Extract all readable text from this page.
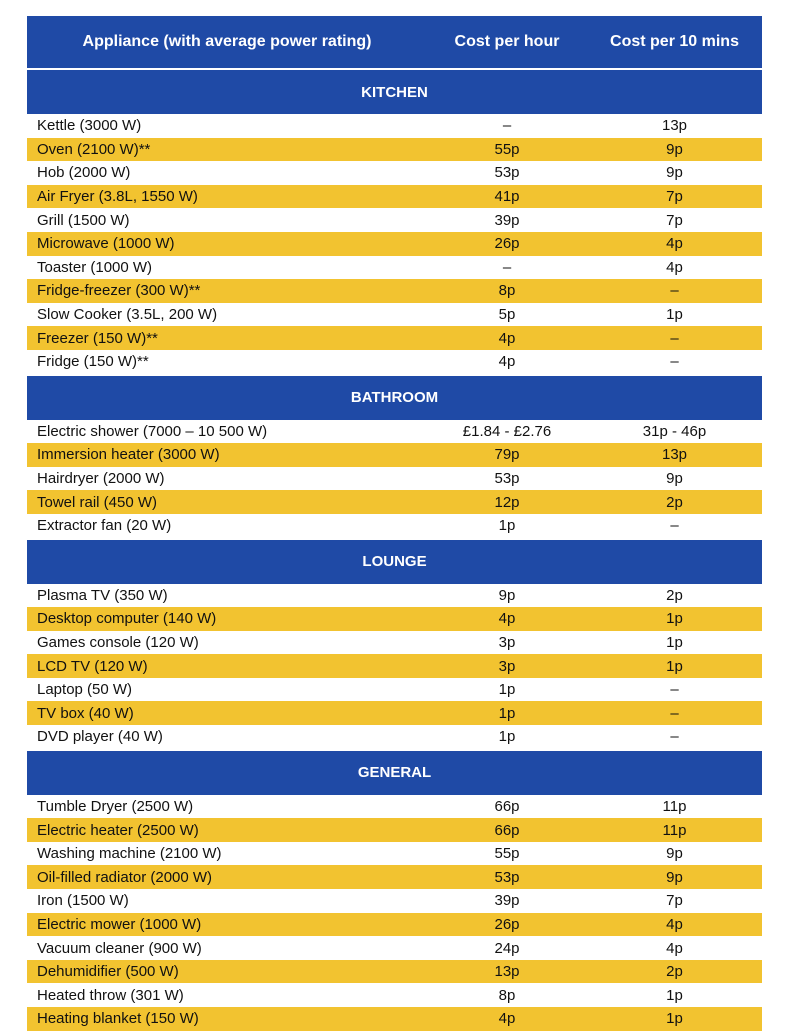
Appliance (with average power rating)	Cost per hour	Cost per 10 mins
KITCHEN
Kettle (3000 W)	–	13p
Oven (2100 W)**	55p	9p
Hob (2000 W)	53p	9p
Air Fryer (3.8L, 1550 W)	41p	7p
Grill (1500 W)	39p	7p
Microwave (1000 W)	26p	4p
Toaster (1000 W)	–	4p
Fridge-freezer (300 W)**	8p	–
Slow Cooker (3.5L, 200 W)	5p	1p
Freezer (150 W)**	4p	–
Fridge (150 W)**	4p	–
BATHROOM
Electric shower (7000 – 10 500 W)	£1.84 - £2.76	31p - 46p
Immersion heater (3000 W)	79p	13p
Hairdryer (2000 W)	53p	9p
Towel rail (450 W)	12p	2p
Extractor fan (20 W)	1p	–
LOUNGE
Plasma TV (350 W)	9p	2p
Desktop computer (140 W)	4p	1p
Games console (120 W)	3p	1p
LCD TV (120 W)	3p	1p
Laptop (50 W)	1p	–
TV box (40 W)	1p	–
DVD player (40 W)	1p	–
GENERAL
Tumble Dryer (2500 W)	66p	11p
Electric heater (2500 W)	66p	11p
Washing machine (2100 W)	55p	9p
Oil-filled radiator (2000 W)	53p	9p
Iron (1500 W)	39p	7p
Electric mower (1000 W)	26p	4p
Vacuum cleaner (900 W)	24p	4p
Dehumidifier (500 W)	13p	2p
Heated throw (301 W)	8p	1p
Heating blanket (150 W)	4p	1p
